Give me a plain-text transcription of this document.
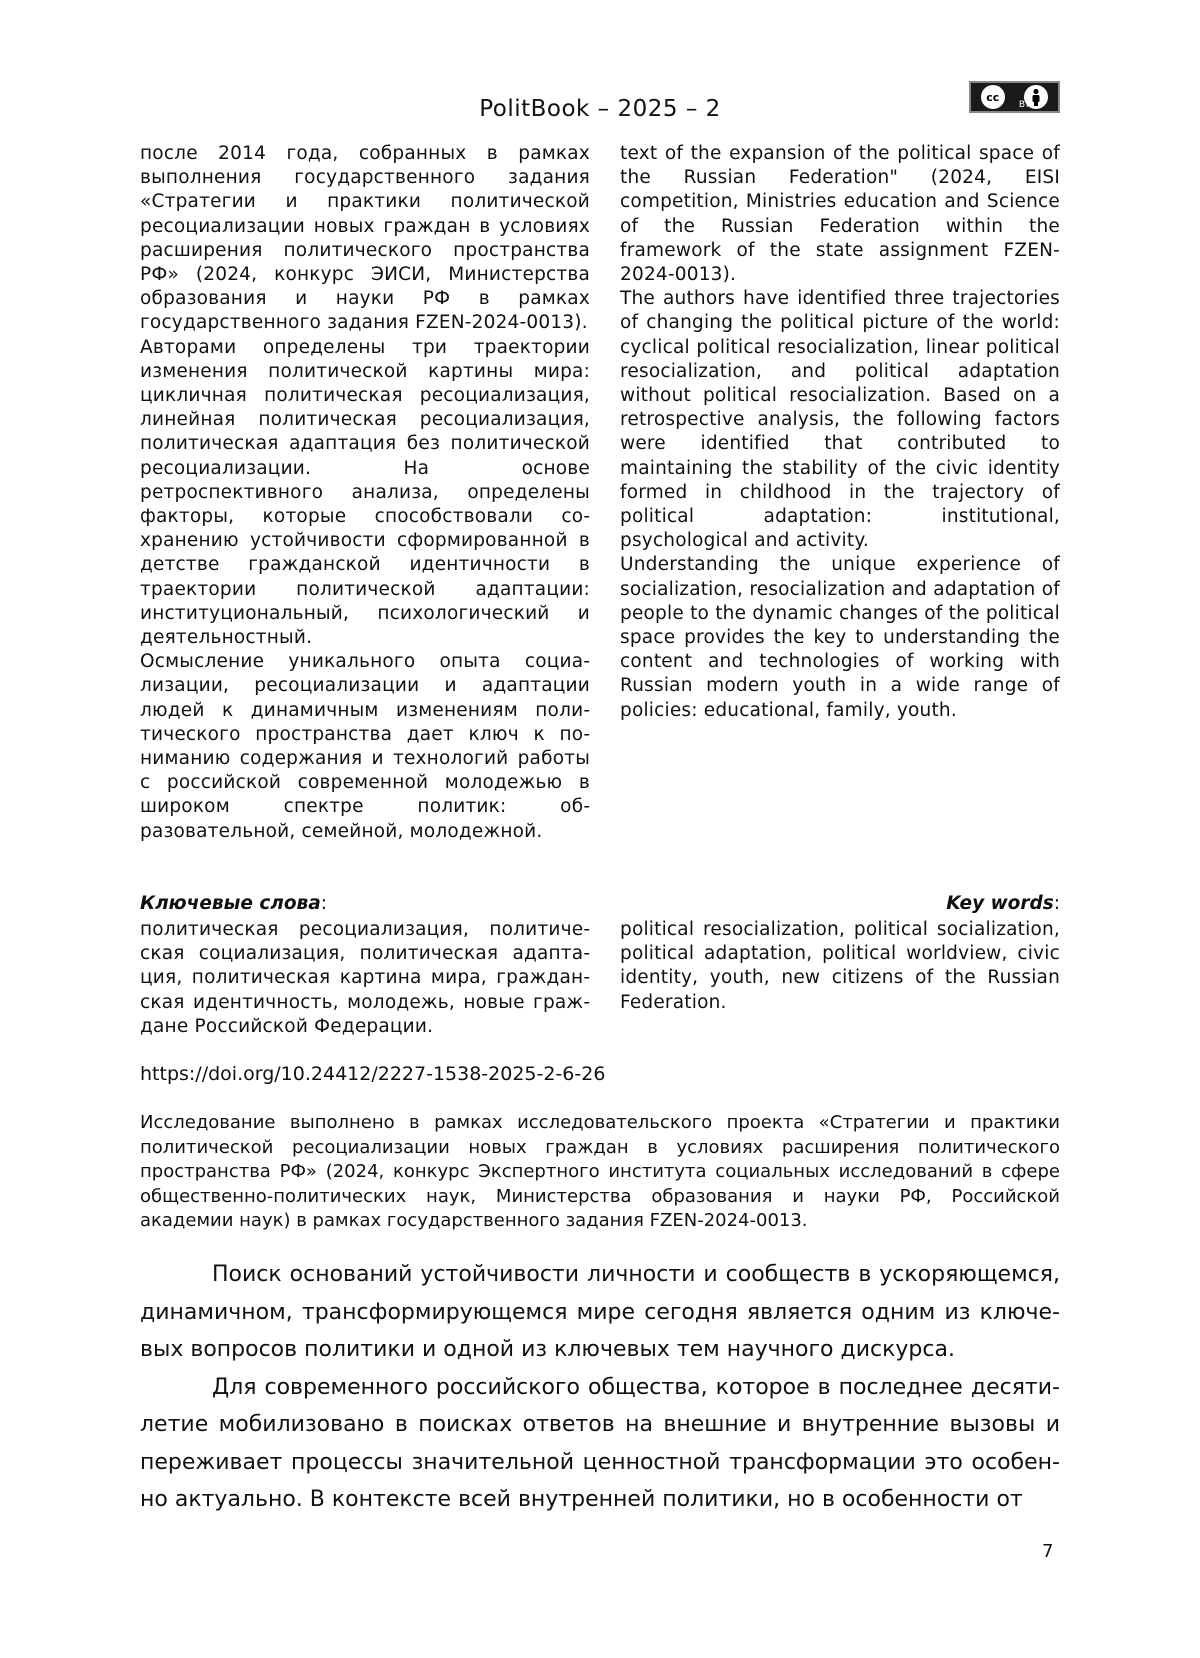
PolitBook – 2025 – 2	cc
BY

после 2014 года, собранных в рамках выполнения государственного задания «Стратегии и практики политической ресоциализации новых граждан в условиях расширения политического пространства РФ» (2024, конкурс ЭИСИ, Министерства образования и науки РФ в рамках государственного задания FZEN-2024-0013).

Авторами определены три траектории изменения политической картины мира: цикличная политическая ресоциализация, линейная политическая ресоциализация, политическая адаптация без политической ресоциализации. На основе ретроспективного анализа, определены факторы, которые способствовали сохранению устойчивости сформированной в детстве гражданской идентичности в траектории политической адаптации: институциональный, психологический и деятельностный.

Осмысление уникального опыта социализации, ресоциализации и адаптации людей к динамичным изменениям политического пространства дает ключ к пониманию содержания и технологий работы с российской современной молодежью в широком спектре политик: образовательной, семейной, молодежной.

text of the expansion of the political space of the Russian Federation" (2024, EISI competition, Ministries education and Science of the Russian Federation within the framework of the state assignment FZEN-2024-0013).

The authors have identified three trajectories of changing the political picture of the world: cyclical political resocialization, linear political resocialization, and political adaptation without political resocialization. Based on a retrospective analysis, the following factors were identified that contributed to maintaining the stability of the civic identity formed in childhood in the trajectory of political adaptation: institutional, psychological and activity.

Understanding the unique experience of socialization, resocialization and adaptation of people to the dynamic changes of the political space provides the key to understanding the content and technologies of working with Russian modern youth in a wide range of policies: educational, family, youth.

Ключевые слова:	Key words:

политическая ресоциализация, политическая социализация, политическая адаптация, политическая картина мира, гражданская идентичность, молодежь, новые граждане Российской Федерации.

political resocialization, political socialization, political adaptation, political worldview, civic identity, youth, new citizens of the Russian Federation.

https://doi.org/10.24412/2227-1538-2025-2-6-26
Исследование выполнено в рамках исследовательского проекта «Стратегии и практики политической ресоциализации новых граждан в условиях расширения политического пространства РФ» (2024, конкурс Экспертного института социальных исследований в сфере общественно-политических наук, Министерства образования и науки РФ, Российской академии наук) в рамках государственного задания FZEN-2024-0013.

Поиск оснований устойчивости личности и сообществ в ускоряющемся, динамичном, трансформирующемся мире сегодня является одним из ключевых вопросов политики и одной из ключевых тем научного дискурса.

Для современного российского общества, которое в последнее десятилетие мобилизовано в поисках ответов на внешние и внутренние вызовы и переживает процессы значительной ценностной трансформации это особенно актуально. В контексте всей внутренней политики, но в особенности от

7
